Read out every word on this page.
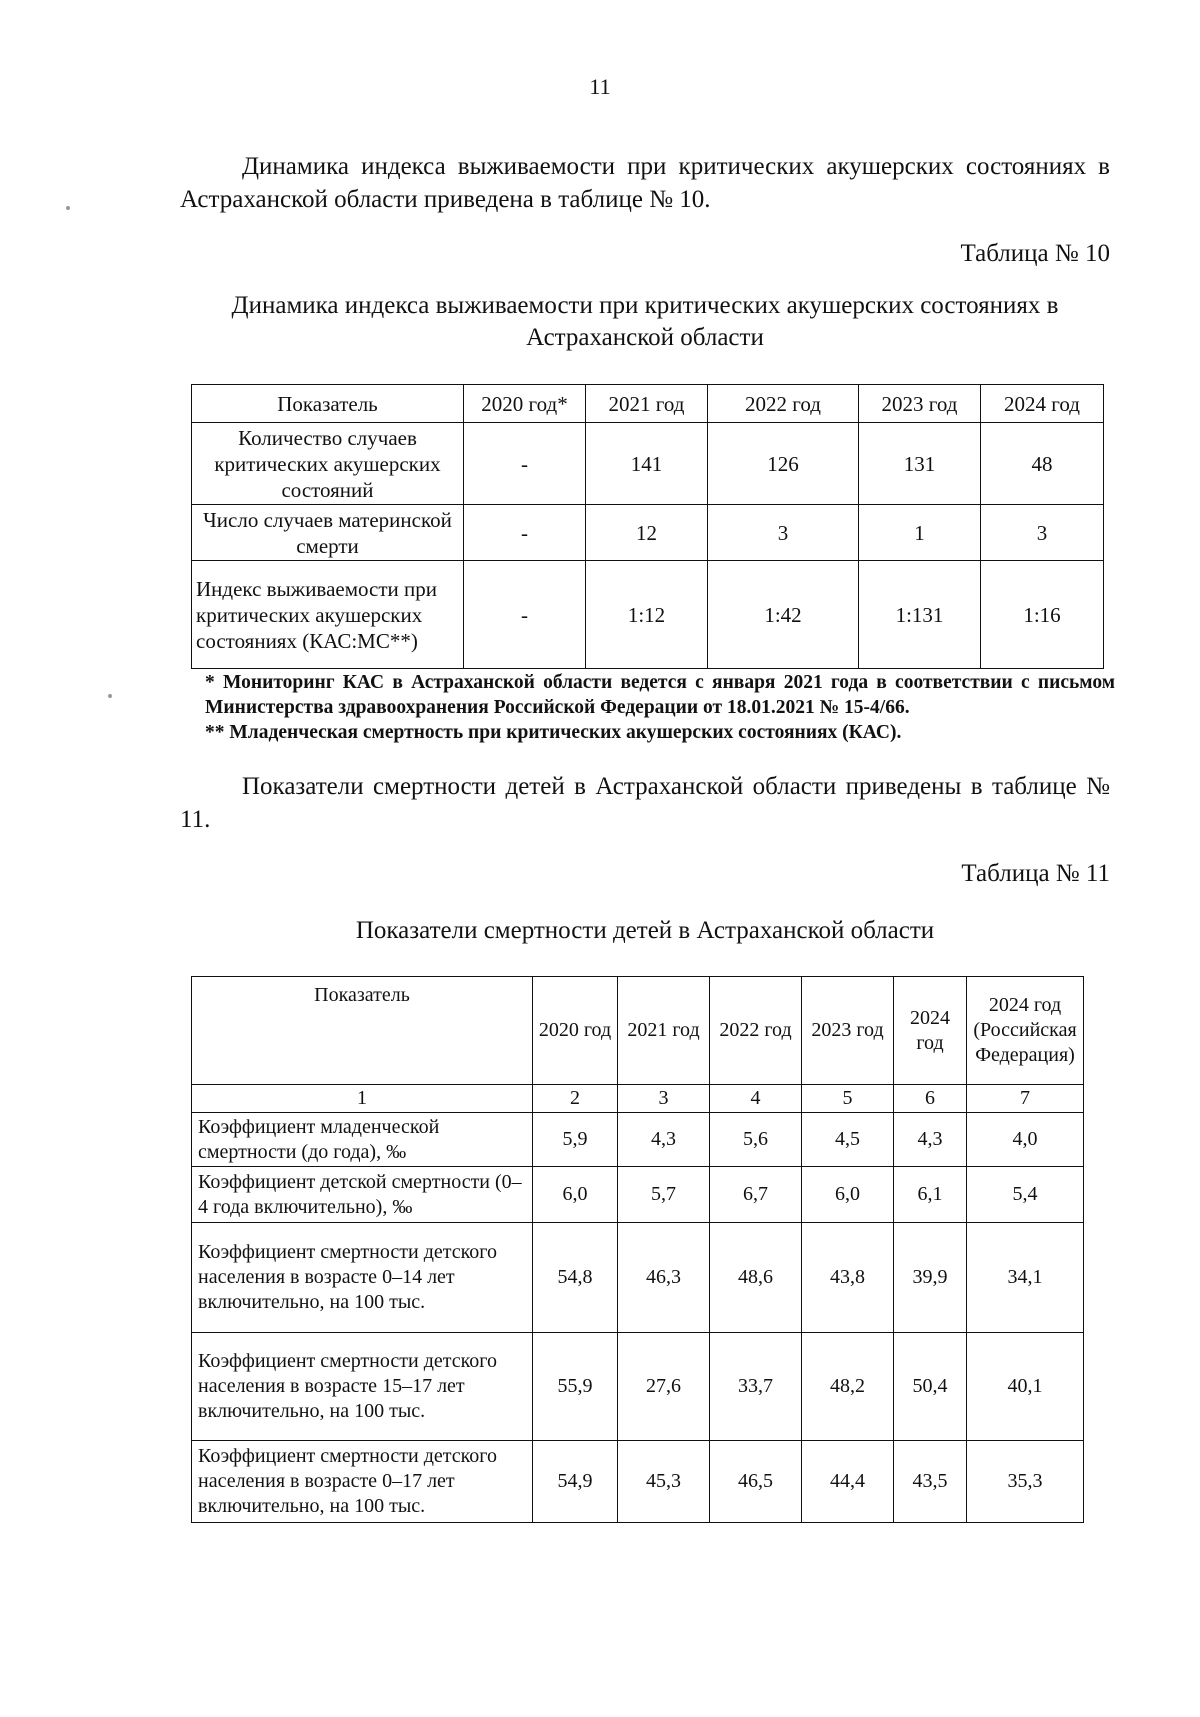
11
Динамика индекса выживаемости при критических акушерских состояниях в Астраханской области приведена в таблице № 10.
Таблица № 10
Динамика индекса выживаемости при критических акушерских состояниях в
Астраханской области
Показатель	2020 год*	2021 год	2022 год	2023 год	2024 год
Количество случаев критических акушерских состояний	-	141	126	131	48
Число случаев материнской смерти	-	12	3	1	3
Индекс выживаемости при критических акушерских состояниях (КАС:МС**)	-	1:12	1:42	1:131	1:16

* Мониторинг КАС в Астраханской области ведется с января 2021 года в соответствии с письмом Министерства здравоохранения Российской Федерации от 18.01.2021 № 15-4/66.

** Младенческая смертность при критических акушерских состояниях (КАС).

Показатели смертности детей в Астраханской области приведены в таблице № 11.
Таблица № 11
Показатели смертности детей в Астраханской области
Показатель	2020 год	2021 год	2022 год	2023 год	2024 год	2024 год (Российская Федерация)
1	2	3	4	5	6	7
Коэффициент младенческой смертности (до года), ‰	5,9	4,3	5,6	4,5	4,3	4,0
Коэффициент детской смертности (0–4 года включительно), ‰	6,0	5,7	6,7	6,0	6,1	5,4
Коэффициент смертности детского населения в возрасте 0–14 лет включительно, на 100 тыс.	54,8	46,3	48,6	43,8	39,9	34,1
Коэффициент смертности детского населения в возрасте 15–17 лет включительно, на 100 тыс.	55,9	27,6	33,7	48,2	50,4	40,1
Коэффициент смертности детского населения в возрасте 0–17 лет включительно, на 100 тыс.	54,9	45,3	46,5	44,4	43,5	35,3
